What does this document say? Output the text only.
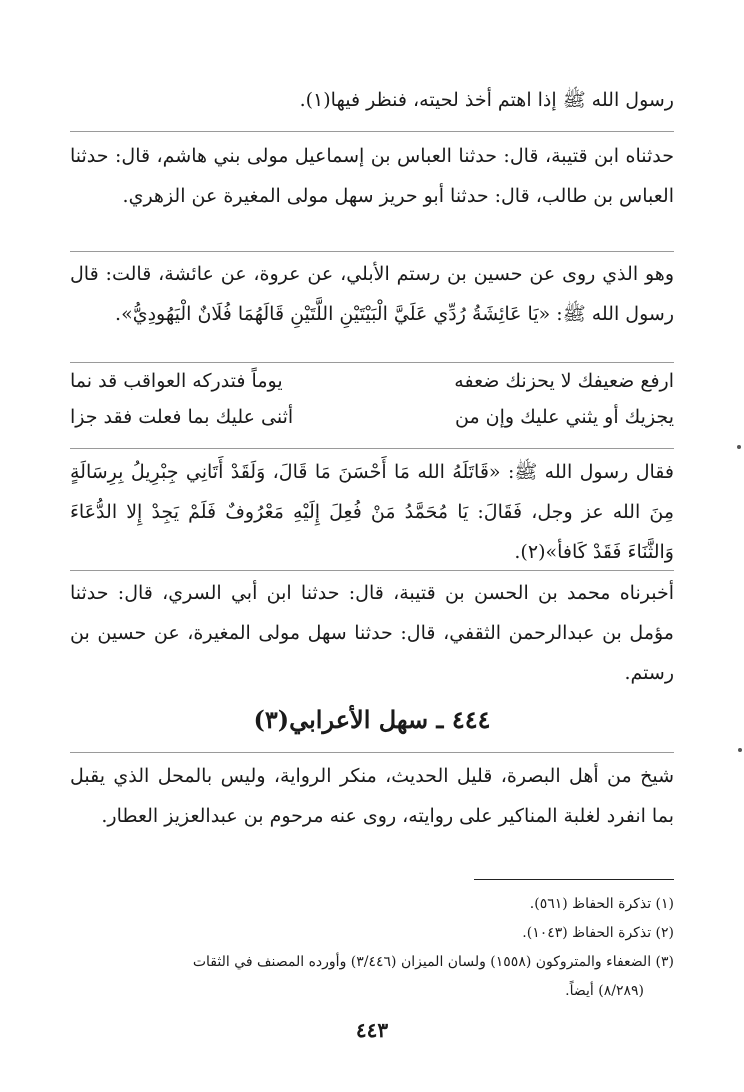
رسول الله ﷺ إذا اهتم أخذ لحيته، فنظر فيها(١).
حدثناه ابن قتيبة، قال: حدثنا العباس بن إسماعيل مولى بني هاشم، قال: حدثنا العباس بن طالب، قال: حدثنا أبو حريز سهل مولى المغيرة عن الزهري.
وهو الذي روى عن حسين بن رستم الأبلي، عن عروة، عن عائشة، قالت: قال رسول الله ﷺ: «يَا عَائِشَةُ رُدِّي عَلَيَّ الْبَيْتَيْنِ اللَّتَيْنِ قَالَهُمَا فُلَانٌ الْيَهُودِيُّ».
ارفع ضعيفك لا يحزنك ضعفه
يوماً فتدركه العواقب قد نما
يجزيك أو يثني عليك وإن من
أثنى عليك بما فعلت فقد جزا
فقال رسول الله ﷺ: «قَاتَلَهُ الله مَا أَحْسَنَ مَا قَالَ، وَلَقَدْ أَتَانِي جِبْرِيلُ بِرِسَالَةٍ مِنَ الله عز وجل، فَقَالَ: يَا مُحَمَّدُ مَنْ فُعِلَ إِلَيْهِ مَعْرُوفٌ فَلَمْ يَجِدْ إِلا الدُّعَاءَ وَالثَّنَاءَ فَقَدْ كَافأ»(٢).
أخبرناه محمد بن الحسن بن قتيبة، قال: حدثنا ابن أبي السري، قال: حدثنا مؤمل بن عبدالرحمن الثقفي، قال: حدثنا سهل مولى المغيرة، عن حسين بن رستم.
٤٤٤ ـ سهل الأعرابي(٣)
شيخ من أهل البصرة، قليل الحديث، منكر الرواية، وليس بالمحل الذي يقبل بما انفرد لغلبة المناكير على روايته، روى عنه مرحوم بن عبدالعزيز العطار.
(١) تذكرة الحفاظ (٥٦١).
(٢) تذكرة الحفاظ (١٠٤٣).
(٣) الضعفاء والمتروكون (١٥٥٨) ولسان الميزان (٣/٤٤٦) وأورده المصنف في الثقات
(٨/٢٨٩) أيضاً.
٤٤٣
